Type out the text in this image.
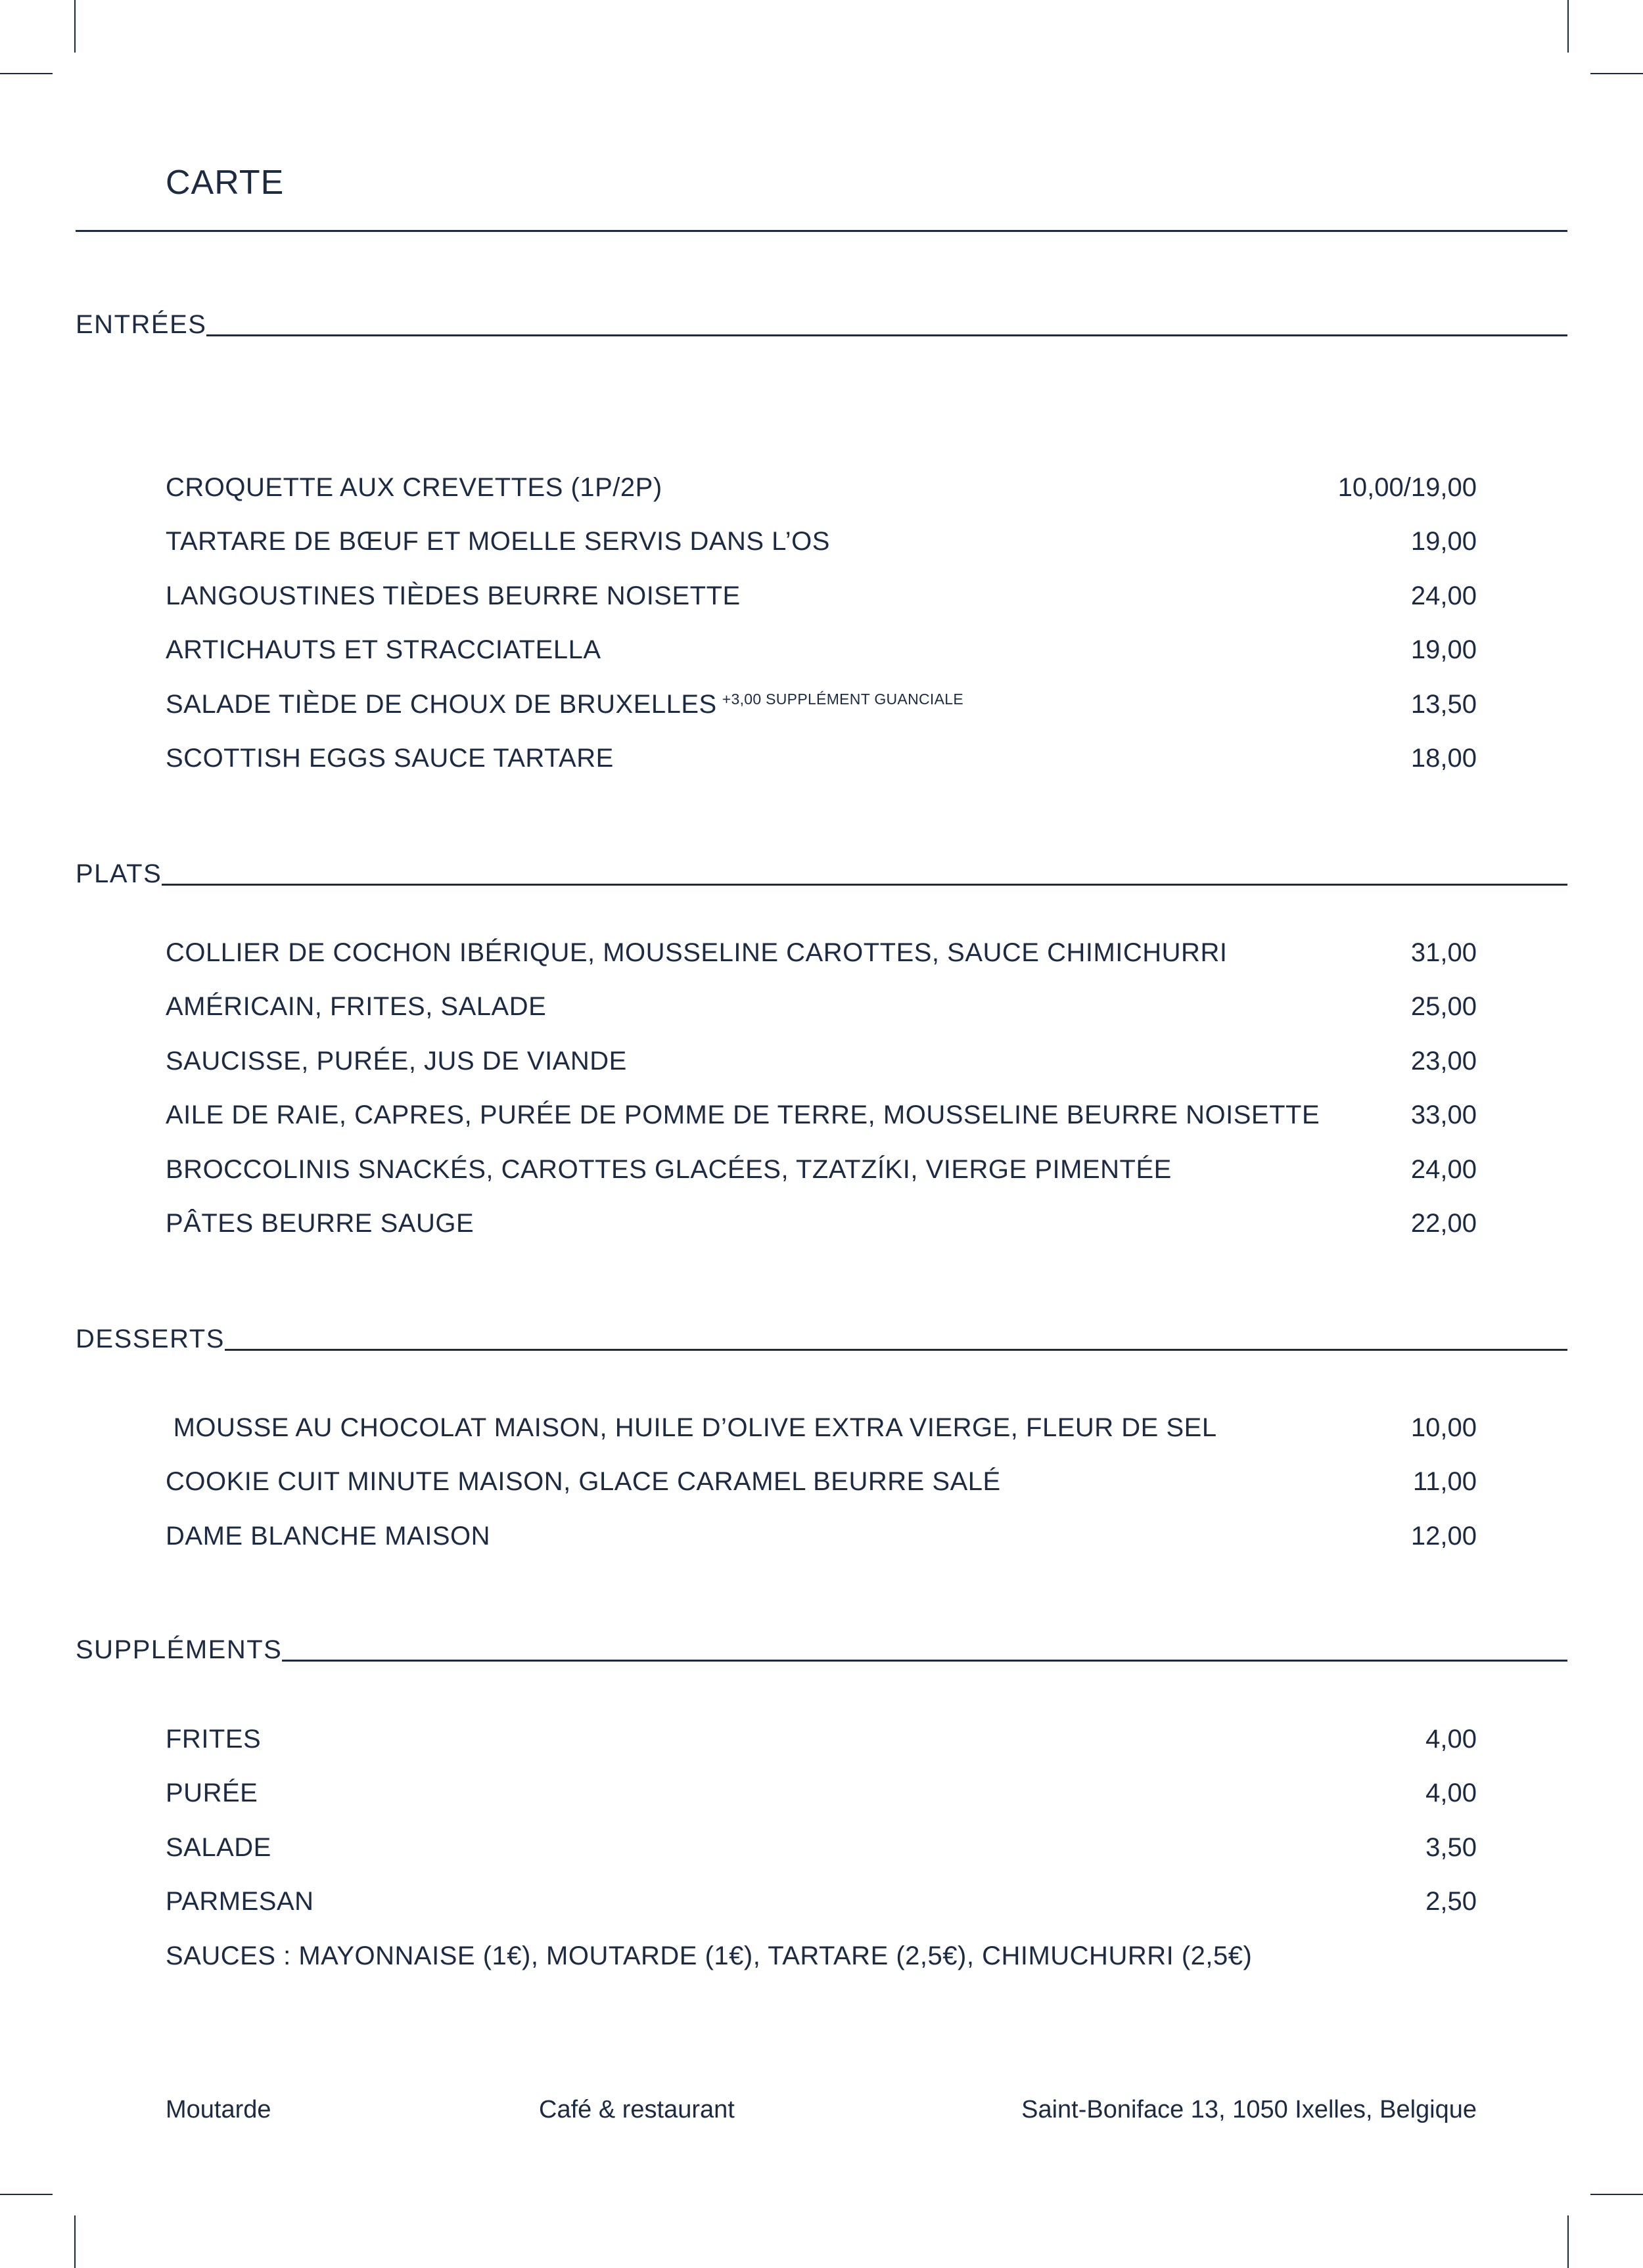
CARTE
ENTRÉES
CROQUETTE AUX CREVETTES (1P/2P)	10,00/19,00
TARTARE DE BŒUF ET MOELLE SERVIS DANS L’OS	19,00
LANGOUSTINES TIÈDES BEURRE NOISETTE	24,00
ARTICHAUTS ET STRACCIATELLA	19,00
SALADE TIÈDE DE CHOUX DE BRUXELLES $^{+3,00 SUPPLÉMENT GUANCIALE}$	13,50
SCOTTISH EGGS SAUCE TARTARE	18,00
PLATS
COLLIER DE COCHON IBÉRIQUE, MOUSSELINE CAROTTES, SAUCE CHIMICHURRI	31,00
AMÉRICAIN, FRITES, SALADE	25,00
SAUCISSE, PURÉE, JUS DE VIANDE	23,00
AILE DE RAIE, CAPRES, PURÉE DE POMME DE TERRE, MOUSSELINE BEURRE NOISETTE	33,00
BROCCOLINIS SNACKÉS, CAROTTES GLACÉES, TZATZÍKI, VIERGE PIMENTÉE	24,00
PÂTES BEURRE SAUGE	22,00
DESSERTS
MOUSSE AU CHOCOLAT MAISON, HUILE D’OLIVE EXTRA VIERGE, FLEUR DE SEL	10,00
COOKIE CUIT MINUTE MAISON, GLACE CARAMEL BEURRE SALÉ	11,00
DAME BLANCHE MAISON	12,00
SUPPLÉMENTS
FRITES	4,00
PURÉE	4,00
SALADE	3,50
PARMESAN	2,50
SAUCES : MAYONNAISE (1€), MOUTARDE (1€), TARTARE (2,5€), CHIMUCHURRI (2,5€)
Moutarde	Café & restaurant	Saint-Boniface 13, 1050 Ixelles, Belgique
